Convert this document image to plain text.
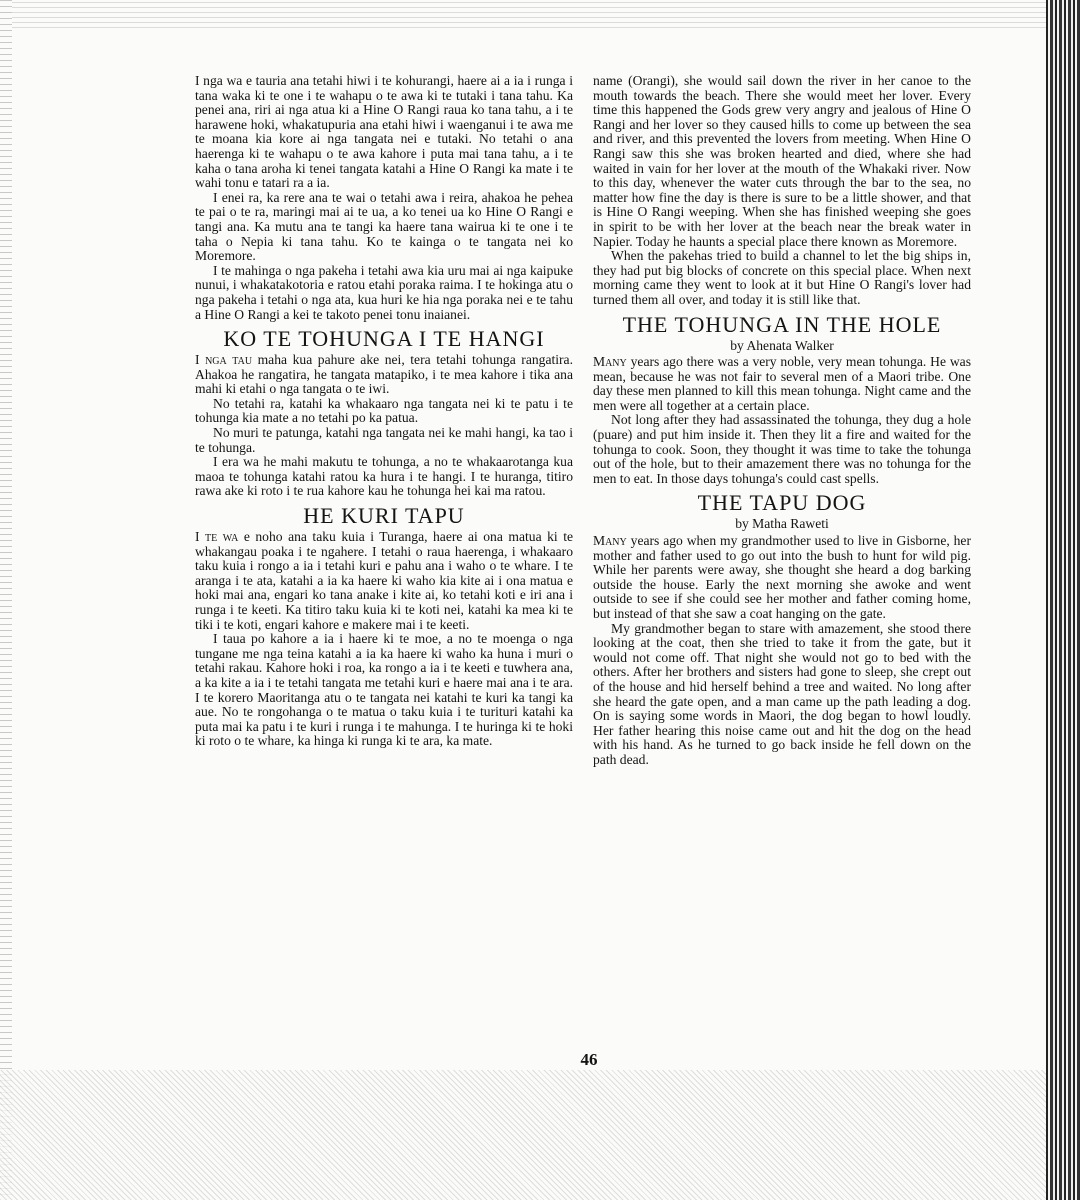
I nga wa e tauria ana tetahi hiwi i te kohurangi, haere ai a ia i runga i tana waka ki te one i te wahapu o te awa ki te tutaki i tana tahu. Ka penei ana, riri ai nga atua ki a Hine O Rangi raua ko tana tahu, a i te harawene hoki, whakatupuria ana etahi hiwi i waenganui i te awa me te moana kia kore ai nga tangata nei e tutaki. No tetahi o ana haerenga ki te wahapu o te awa kahore i puta mai tana tahu, a i te kaha o tana aroha ki tenei tangata katahi a Hine O Rangi ka mate i te wahi tonu e tatari ra a ia.

I enei ra, ka rere ana te wai o tetahi awa i reira, ahakoa he pehea te pai o te ra, maringi mai ai te ua, a ko tenei ua ko Hine O Rangi e tangi ana. Ka mutu ana te tangi ka haere tana wairua ki te one i te taha o Nepia ki tana tahu. Ko te kainga o te tangata nei ko Moremore.

I te mahinga o nga pakeha i tetahi awa kia uru mai ai nga kaipuke nunui, i whakatakotoria e ratou etahi poraka raima. I te hokinga atu o nga pakeha i tetahi o nga ata, kua huri ke hia nga poraka nei e te tahu a Hine O Rangi a kei te takoto penei tonu inaianei.

KO TE TOHUNGA I TE HANGI

I nga tau maha kua pahure ake nei, tera tetahi tohunga rangatira. Ahakoa he rangatira, he tangata matapiko, i te mea kahore i tika ana mahi ki etahi o nga tangata o te iwi.

No tetahi ra, katahi ka whakaaro nga tangata nei ki te patu i te tohunga kia mate a no tetahi po ka patua.

No muri te patunga, katahi nga tangata nei ke mahi hangi, ka tao i te tohunga.

I era wa he mahi makutu te tohunga, a no te whakaarotanga kua maoa te tohunga katahi ratou ka hura i te hangi. I te huranga, titiro rawa ake ki roto i te rua kahore kau he tohunga hei kai ma ratou.

HE KURI TAPU

I te wa e noho ana taku kuia i Turanga, haere ai ona matua ki te whakangau poaka i te ngahere. I tetahi o raua haerenga, i whakaaro taku kuia i rongo a ia i tetahi kuri e pahu ana i waho o te whare. I te aranga i te ata, katahi a ia ka haere ki waho kia kite ai i ona matua e hoki mai ana, engari ko tana anake i kite ai, ko tetahi koti e iri ana i runga i te keeti. Ka titiro taku kuia ki te koti nei, katahi ka mea ki te tiki i te koti, engari kahore e makere mai i te keeti.

I taua po kahore a ia i haere ki te moe, a no te moenga o nga tungane me nga teina katahi a ia ka haere ki waho ka huna i muri o tetahi rakau. Kahore hoki i roa, ka rongo a ia i te keeti e tuwhera ana, a ka kite a ia i te tetahi tangata me tetahi kuri e haere mai ana i te ara. I te korero Maoritanga atu o te tangata nei katahi te kuri ka tangi ka aue. No te rongohanga o te matua o taku kuia i te turituri katahi ka puta mai ka patu i te kuri i runga i te mahunga. I te huringa ki te hoki ki roto o te whare, ka hinga ki runga ki te ara, ka mate.

name (Orangi), she would sail down the river in her canoe to the mouth towards the beach. There she would meet her lover. Every time this happened the Gods grew very angry and jealous of Hine O Rangi and her lover so they caused hills to come up between the sea and river, and this prevented the lovers from meeting. When Hine O Rangi saw this she was broken hearted and died, where she had waited in vain for her lover at the mouth of the Whakaki river. Now to this day, whenever the water cuts through the bar to the sea, no matter how fine the day is there is sure to be a little shower, and that is Hine O Rangi weeping. When she has finished weeping she goes in spirit to be with her lover at the beach near the break water in Napier. Today he haunts a special place there known as Moremore.

When the pakehas tried to build a channel to let the big ships in, they had put big blocks of concrete on this special place. When next morning came they went to look at it but Hine O Rangi's lover had turned them all over, and today it is still like that.

THE TOHUNGA IN THE HOLE
by Ahenata Walker

Many years ago there was a very noble, very mean tohunga. He was mean, because he was not fair to several men of a Maori tribe. One day these men planned to kill this mean tohunga. Night came and the men were all together at a certain place.

Not long after they had assassinated the tohunga, they dug a hole (puare) and put him inside it. Then they lit a fire and waited for the tohunga to cook. Soon, they thought it was time to take the tohunga out of the hole, but to their amazement there was no tohunga for the men to eat. In those days tohunga's could cast spells.

THE TAPU DOG
by Matha Raweti

Many years ago when my grandmother used to live in Gisborne, her mother and father used to go out into the bush to hunt for wild pig. While her parents were away, she thought she heard a dog barking outside the house. Early the next morning she awoke and went outside to see if she could see her mother and father coming home, but instead of that she saw a coat hanging on the gate.

My grandmother began to stare with amazement, she stood there looking at the coat, then she tried to take it from the gate, but it would not come off. That night she would not go to bed with the others. After her brothers and sisters had gone to sleep, she crept out of the house and hid herself behind a tree and waited. No long after she heard the gate open, and a man came up the path leading a dog. On is saying some words in Maori, the dog began to howl loudly. Her father hearing this noise came out and hit the dog on the head with his hand. As he turned to go back inside he fell down on the path dead.

46
